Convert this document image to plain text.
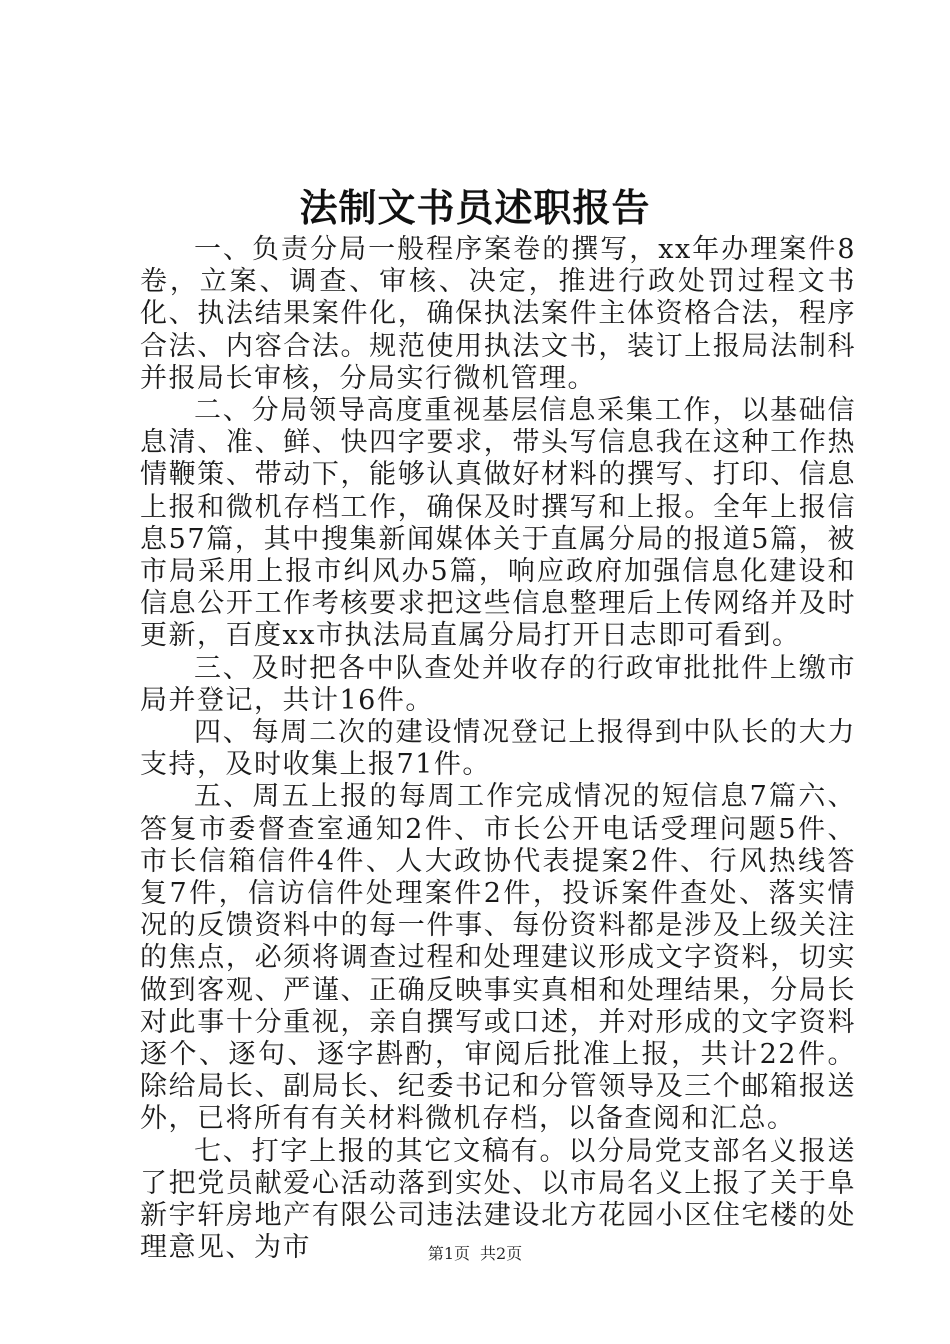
法制文书员述职报告

一、负责分局一般程序案卷的撰写，xx年办理案件8卷，立案、调查、审核、决定，推进行政处罚过程文书化、执法结果案件化，确保执法案件主体资格合法，程序合法、内容合法。规范使用执法文书，装订上报局法制科并报局长审核，分局实行微机管理。

二、分局领导高度重视基层信息采集工作，以基础信息清、准、鲜、快四字要求，带头写信息我在这种工作热情鞭策、带动下，能够认真做好材料的撰写、打印、信息上报和微机存档工作，确保及时撰写和上报。全年上报信息57篇，其中搜集新闻媒体关于直属分局的报道5篇，被市局采用上报市纠风办5篇，响应政府加强信息化建设和信息公开工作考核要求把这些信息整理后上传网络并及时更新，百度xx市执法局直属分局打开日志即可看到。

三、及时把各中队查处并收存的行政审批批件上缴市局并登记，共计16件。

四、每周二次的建设情况登记上报得到中队长的大力支持，及时收集上报71件。

五、周五上报的每周工作完成情况的短信息7篇六、答复市委督查室通知2件、市长公开电话受理问题5件、市长信箱信件4件、人大政协代表提案2件、行风热线答复7件，信访信件处理案件2件，投诉案件查处、落实情况的反馈资料中的每一件事、每份资料都是涉及上级关注的焦点，必须将调查过程和处理建议形成文字资料，切实做到客观、严谨、正确反映事实真相和处理结果，分局长对此事十分重视，亲自撰写或口述，并对形成的文字资料逐个、逐句、逐字斟酌，审阅后批准上报，共计22件。除给局长、副局长、纪委书记和分管领导及三个邮箱报送外，已将所有有关材料微机存档，以备查阅和汇总。

七、打字上报的其它文稿有。以分局党支部名义报送了把党员献爱心活动落到实处、以市局名义上报了关于阜新宇轩房地产有限公司违法建设北方花园小区住宅楼的处理意见、为市	第1页 共2页
